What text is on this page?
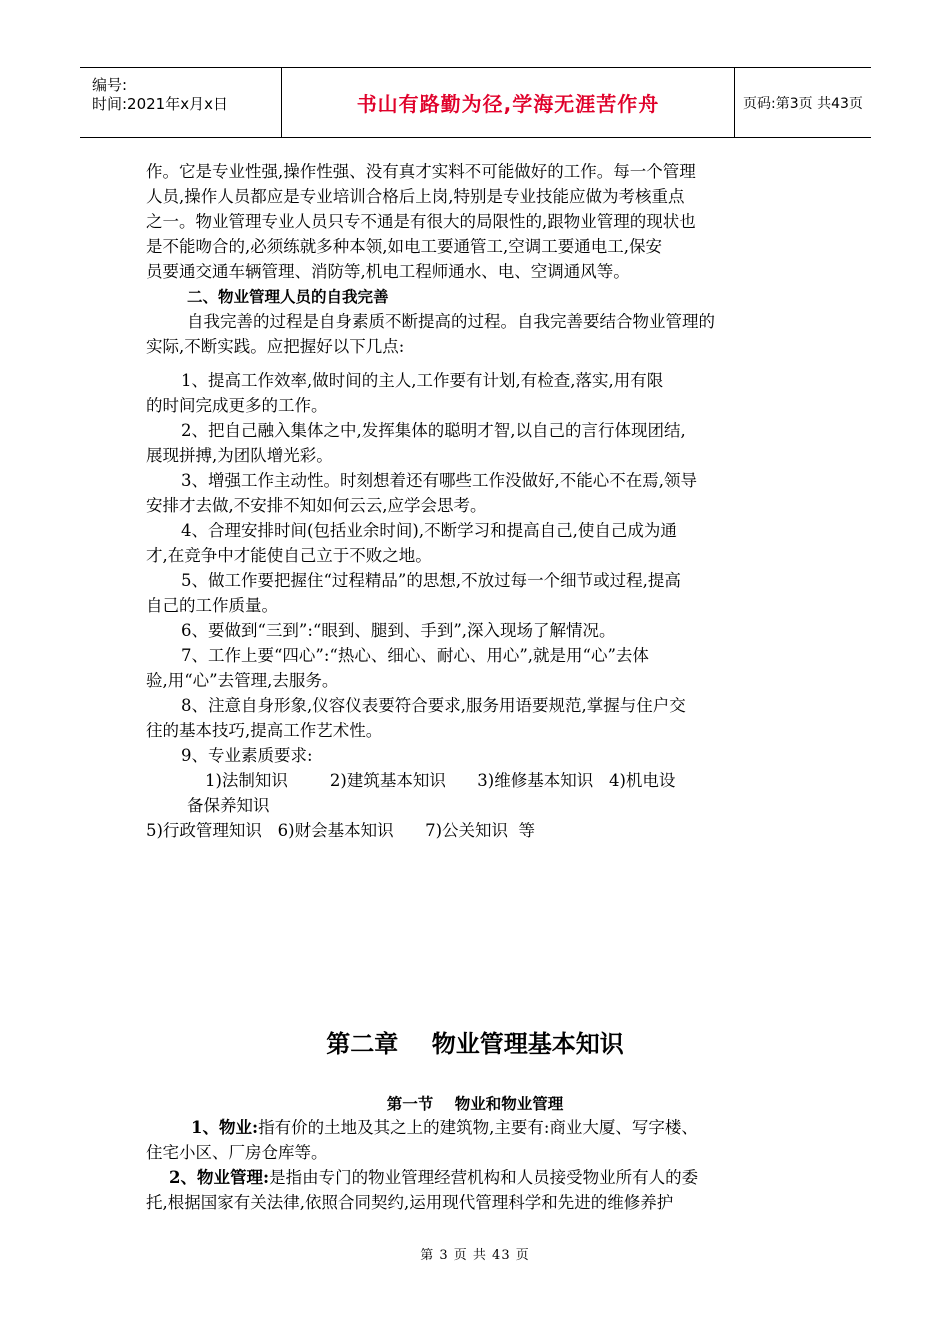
编号:
时间:2021年x月x日	书山有路勤为径,学海无涯苦作舟	页码:第3页 共43页
作。它是专业性强,操作性强、没有真才实料不可能做好的工作。每一个管理
人员,操作人员都应是专业培训合格后上岗,特别是专业技能应做为考核重点
之一。物业管理专业人员只专不通是有很大的局限性的,跟物业管理的现状也
是不能吻合的,必须练就多种本领,如电工要通管工,空调工要通电工,保安
员要通交通车辆管理、消防等,机电工程师通水、电、空调通风等。
二、物业管理人员的自我完善
自我完善的过程是自身素质不断提高的过程。自我完善要结合物业管理的
实际,不断实践。应把握好以下几点:
1、提高工作效率,做时间的主人,工作要有计划,有检查,落实,用有限
的时间完成更多的工作。
2、把自己融入集体之中,发挥集体的聪明才智,以自己的言行体现团结,
展现拼搏,为团队增光彩。
3、增强工作主动性。时刻想着还有哪些工作没做好,不能心不在焉,领导
安排才去做,不安排不知如何云云,应学会思考。
4、合理安排时间(包括业余时间),不断学习和提高自己,使自己成为通
才,在竞争中才能使自己立于不败之地。
5、做工作要把握住“过程精品”的思想,不放过每一个细节或过程,提高
自己的工作质量。
6、要做到“三到”:“眼到、腿到、手到”,深入现场了解情况。
7、工作上要“四心”:“热心、细心、耐心、用心”,就是用“心”去体
验,用“心”去管理,去服务。
8、注意自身形象,仪容仪表要符合要求,服务用语要规范,掌握与住户交
往的基本技巧,提高工作艺术性。
9、专业素质要求:
1)法制知识        2)建筑基本知识      3)维修基本知识   4)机电设
备保养知识
5)行政管理知识   6)财会基本知识      7)公关知识  等
第二章    物业管理基本知识
第一节    物业和物业管理
1、物业:指有价的土地及其之上的建筑物,主要有:商业大厦、写字楼、
住宅小区、厂房仓库等。
2、物业管理:是指由专门的物业管理经营机构和人员接受物业所有人的委
托,根据国家有关法律,依照合同契约,运用现代管理科学和先进的维修养护
第 3 页 共 43 页
